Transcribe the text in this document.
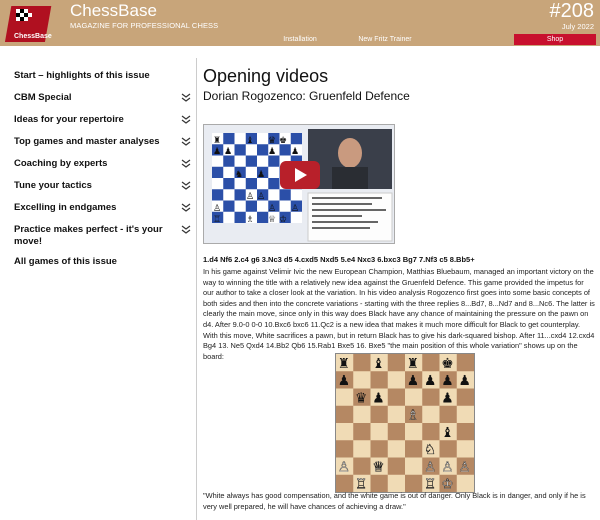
ChessBase
ChessBase
MAGAZINE FOR PROFESSIONAL CHESS
#208
July 2022
Installation	New Fritz Trainer	Shop
Start – highlights of this issue
CBM Special
Ideas for your repertoire
Top games and master analyses
Coaching by experts
Tune your tactics
Excelling in endgames
Practice makes perfect - it's your move!
All games of this issue
Opening videos
Dorian Rogozenco: Gruenfeld Defence
♜	♝ ♛ ♚
♟ ♟	♟ ♟
♞ ♟
♙ ♙
♙	♙ ♙
♖	♗ ♕ ♔
1.d4 Nf6 2.c4 g6 3.Nc3 d5 4.cxd5 Nxd5 5.e4 Nxc3 6.bxc3 Bg7 7.Nf3 c5 8.Bb5+
In his game against Velimir Ivic the new European Champion, Matthias Bluebaum, managed an important victory on the way to winning the title with a relatively new idea against the Gruenfeld Defence. This game provided the impetus for our author to take a closer look at the variation. In his video analysis Rogozenco first goes into some basic concepts of both sides and then into the concrete variations - starting with the three replies 8...Bd7, 8...Nd7 and 8...Nc6. The latter is clearly the main move, since only in this way does Black have any chance of maintaining the pressure on the pawn on d4. After 9.0-0 0-0 10.Bxc6 bxc6 11.Qc2 is a new idea that makes it much more difficult for Black to get counterplay. With this move, White sacrifices a pawn, but in return Black has to give his dark-squared bishop. After 11...cxd4 12.cxd4 Bg4 13. Ne5 Qxd4 14.Bb2 Qb6 15.Rab1 Bxe5 16. Bxe5 "the main position of this whole variation" shows up on the board:
"White always has good compensation, and the white game is out of danger. Only Black is in danger, and only if he is very well prepared, he will have chances of achieving a draw."
